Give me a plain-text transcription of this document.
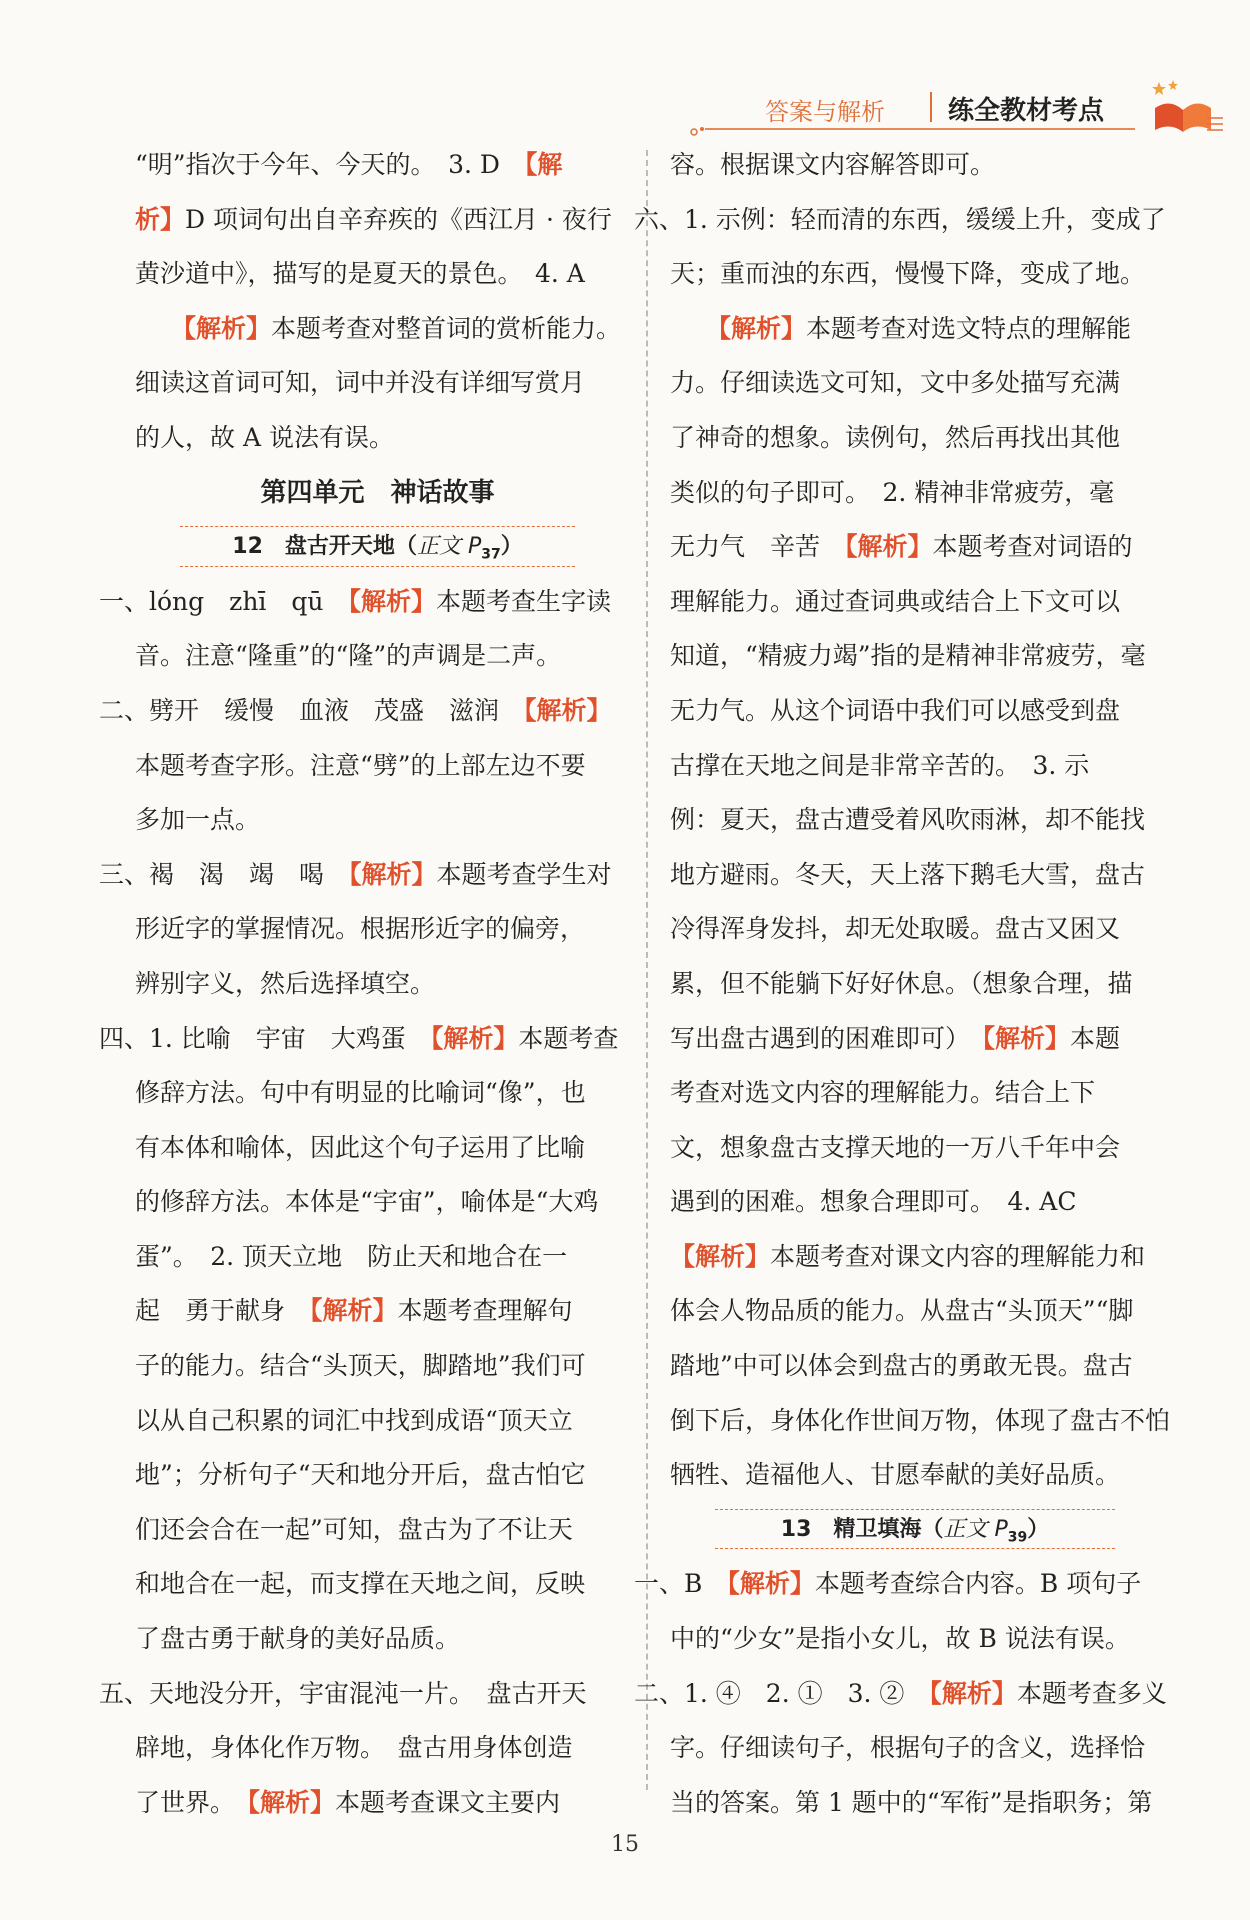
答案与解析 练全教材考点
“明”指次于今年、今天的。　3. D　【解
析】D 项词句出自辛弃疾的《西江月 · 夜行
黄沙道中》，描写的是夏天的景色。　4. A
【解析】本题考查对整首词的赏析能力。
细读这首词可知，词中并没有详细写赏月
的人，故 A 说法有误。
第四单元　神话故事
12　 盘古开天地（正文 $P_{37}$）
一、lóng　zhī　qū　【解析】本题考查生字读
音。注意“隆重”的“隆”的声调是二声。
二、劈开　缓慢　血液　茂盛　滋润　【解析】
本题考查字形。注意“劈”的上部左边不要
多加一点。
三、褐　渴　竭　喝　【解析】本题考查学生对
形近字的掌握情况。根据形近字的偏旁，
辨别字义，然后选择填空。
四、1. 比喻　宇宙　大鸡蛋　【解析】本题考查
修辞方法。句中有明显的比喻词“像”，也
有本体和喻体，因此这个句子运用了比喻
的修辞方法。本体是“宇宙”，喻体是“大鸡
蛋”。　2. 顶天立地　防止天和地合在一
起　勇于献身　【解析】本题考查理解句
子的能力。结合“头顶天，脚踏地”我们可
以从自己积累的词汇中找到成语“顶天立
地”；分析句子“天和地分开后，盘古怕它
们还会合在一起”可知，盘古为了不让天
和地合在一起，而支撑在天地之间，反映
了盘古勇于献身的美好品质。
五、天地没分开，宇宙混沌一片。　盘古开天
辟地，身体化作万物。　盘古用身体创造
了世界。　【解析】本题考查课文主要内
容。根据课文内容解答即可。
六、1. 示例：轻而清的东西，缓缓上升，变成了
天；重而浊的东西，慢慢下降，变成了地。
【解析】本题考查对选文特点的理解能
力。仔细读选文可知，文中多处描写充满
了神奇的想象。读例句，然后再找出其他
类似的句子即可。　2. 精神非常疲劳，毫
无力气　辛苦　【解析】本题考查对词语的
理解能力。通过查词典或结合上下文可以
知道，“精疲力竭”指的是精神非常疲劳，毫
无力气。从这个词语中我们可以感受到盘
古撑在天地之间是非常辛苦的。　3. 示
例：夏天，盘古遭受着风吹雨淋，却不能找
地方避雨。冬天，天上落下鹅毛大雪，盘古
冷得浑身发抖，却无处取暖。盘古又困又
累，但不能躺下好好休息。（想象合理，描
写出盘古遇到的困难即可）　【解析】本题
考查对选文内容的理解能力。结合上下
文，想象盘古支撑天地的一万八千年中会
遇到的困难。想象合理即可。　4. AC
【解析】本题考查对课文内容的理解能力和
体会人物品质的能力。从盘古“头顶天”“脚
踏地”中可以体会到盘古的勇敢无畏。盘古
倒下后，身体化作世间万物，体现了盘古不怕
牺牲、造福他人、甘愿奉献的美好品质。
13　 精卫填海（正文 $P_{39}$）
一、B　【解析】本题考查综合内容。B 项句子
中的“少女”是指小女儿，故 B 说法有误。
二、1. ④　2. ①　3. ②　【解析】本题考查多义
字。仔细读句子，根据句子的含义，选择恰
当的答案。第 1 题中的“军衔”是指职务；第
15
